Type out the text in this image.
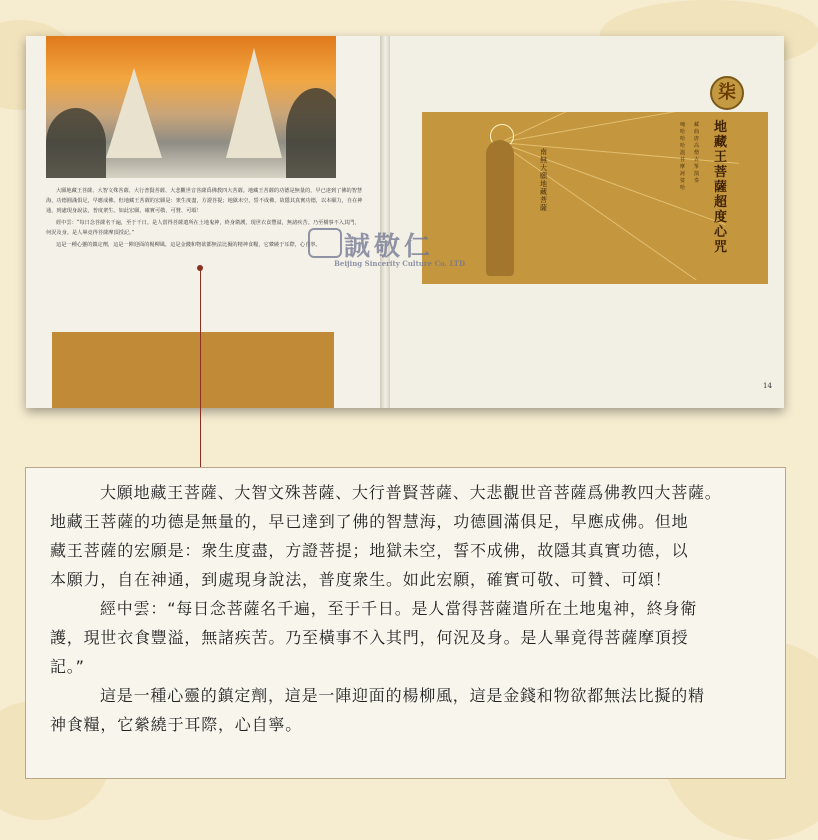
大願地藏王菩薩、大智文殊菩薩、大行普賢菩薩、大悲觀世音菩薩爲佛教四大菩薩。地藏王菩薩的功德是無量的，早已達到了佛的智慧海，功德圓滿俱足，早應成佛。但地藏王菩薩的宏願是：衆生度盡，方證菩提；地獄未空，誓不成佛，故隱其真實功德，以本願力，自在神通，到處現身說法，普度衆生。如此宏願，確實可敬、可贊、可頌！

經中雲：“每日念菩薩名千遍，至于千日。是人當得菩薩遣所在土地鬼神，終身衛護，現世衣食豐溢，無諸疾苦。乃至橫事不入其門，何況及身。是人畢竟得菩薩摩頂授記。”

這是一種心靈的鎮定劑，這是一陣迎面的楊柳風，這是金錢和物欲都無法比擬的精神食糧，它縈繞于耳際，心自寧。

柒
南無大願地藏菩薩
唵 哈哈哈 溫菩摩訶 娑哈
藏曲唐高僧 古筝演奏
地藏王菩薩超度心咒
14
誠敬仁
Beijing Sincerity Culture Co. LTD

大願地藏王菩薩、大智文殊菩薩、大行普賢菩薩、大悲觀世音菩薩爲佛教四大菩薩。

地藏王菩薩的功德是無量的，早已達到了佛的智慧海，功德圓滿俱足，早應成佛。但地

藏王菩薩的宏願是：衆生度盡，方證菩提；地獄未空，誓不成佛，故隱其真實功德，以

本願力，自在神通，到處現身說法，普度衆生。如此宏願，確實可敬、可贊、可頌！

經中雲：“每日念菩薩名千遍，至于千日。是人當得菩薩遣所在土地鬼神，終身衛

護，現世衣食豐溢，無諸疾苦。乃至橫事不入其門，何況及身。是人畢竟得菩薩摩頂授

記。”

這是一種心靈的鎮定劑，這是一陣迎面的楊柳風，這是金錢和物欲都無法比擬的精

神食糧，它縈繞于耳際，心自寧。
